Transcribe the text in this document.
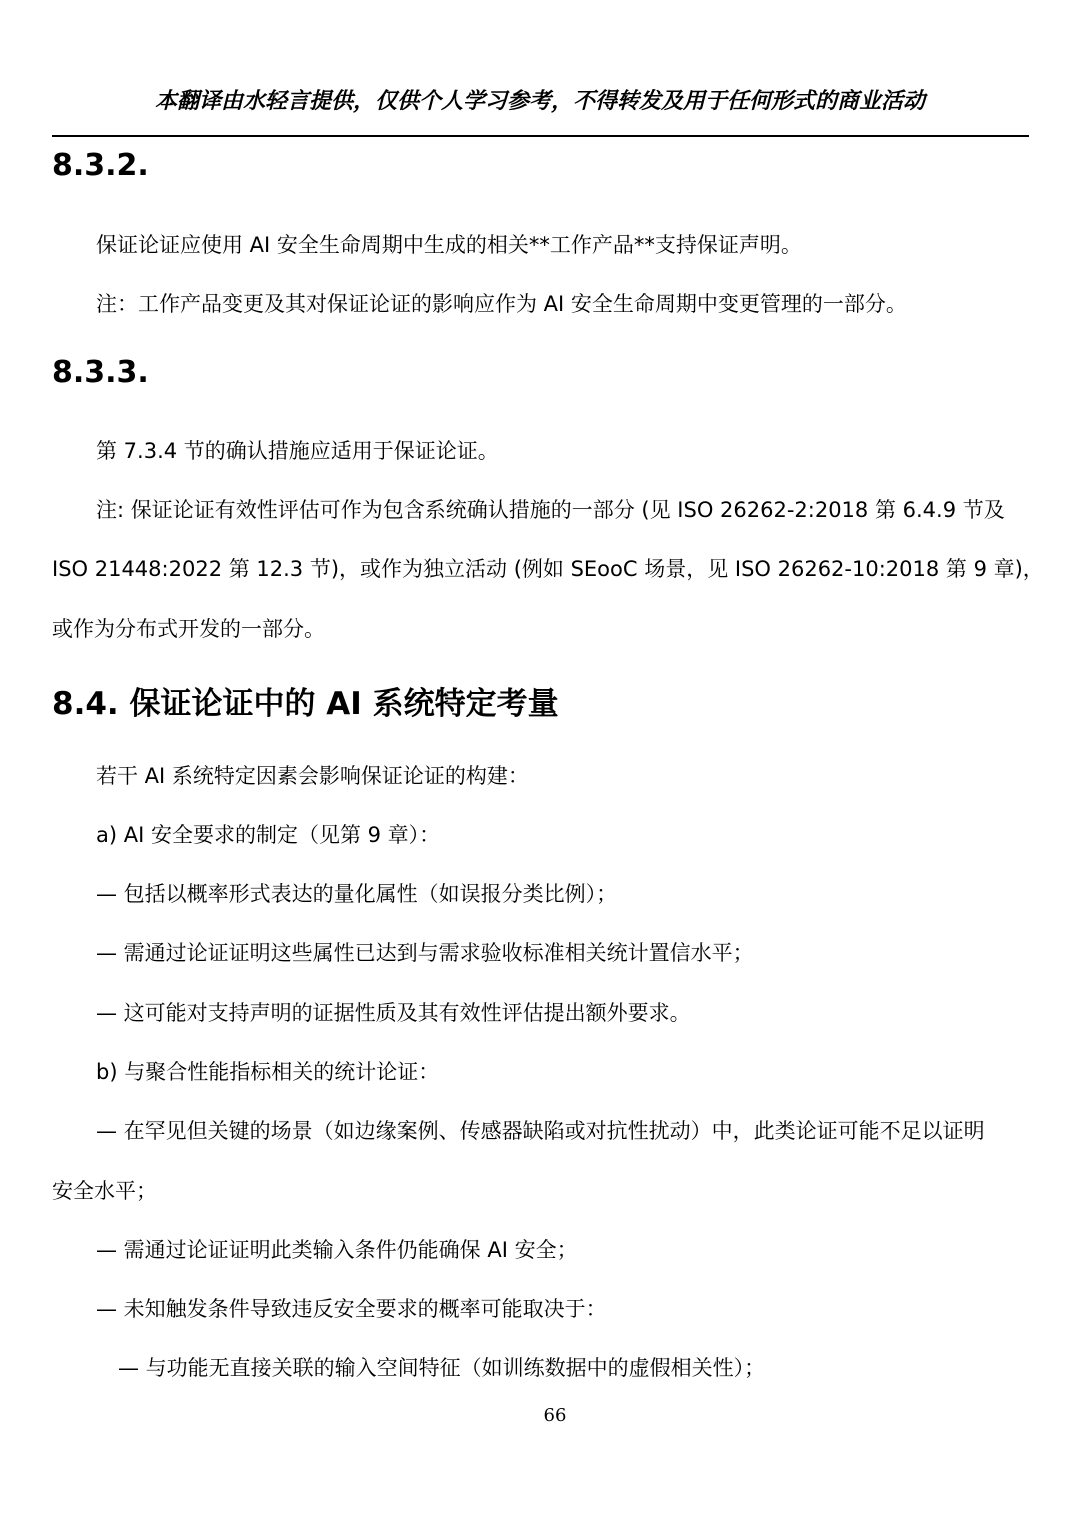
本翻译由水轻言提供，仅供个人学习参考，不得转发及用于任何形式的商业活动
8.3.2.
保证论证应使用 AI 安全生命周期中生成的相关**工作产品**支持保证声明。
注：工作产品变更及其对保证论证的影响应作为 AI 安全生命周期中变更管理的一部分。
8.3.3.
第 7.3.4 节的确认措施应适用于保证论证。
注: 保证论证有效性评估可作为包含系统确认措施的一部分 (见 ISO 26262-2:2018 第 6.4.9 节及
ISO 21448:2022 第 12.3 节)，或作为独立活动 (例如 SEooC 场景，见 ISO 26262-10:2018 第 9 章)，
或作为分布式开发的一部分。
8.4. 保证论证中的 AI 系统特定考量
若干 AI 系统特定因素会影响保证论证的构建：
a) AI 安全要求的制定（见第 9 章）：
— 包括以概率形式表达的量化属性（如误报分类比例）；
— 需通过论证证明这些属性已达到与需求验收标准相关统计置信水平；
— 这可能对支持声明的证据性质及其有效性评估提出额外要求。
b) 与聚合性能指标相关的统计论证：
— 在罕见但关键的场景（如边缘案例、传感器缺陷或对抗性扰动）中，此类论证可能不足以证明
安全水平；
— 需通过论证证明此类输入条件仍能确保 AI 安全；
— 未知触发条件导致违反安全要求的概率可能取决于：
— 与功能无直接关联的输入空间特征（如训练数据中的虚假相关性）；
66
